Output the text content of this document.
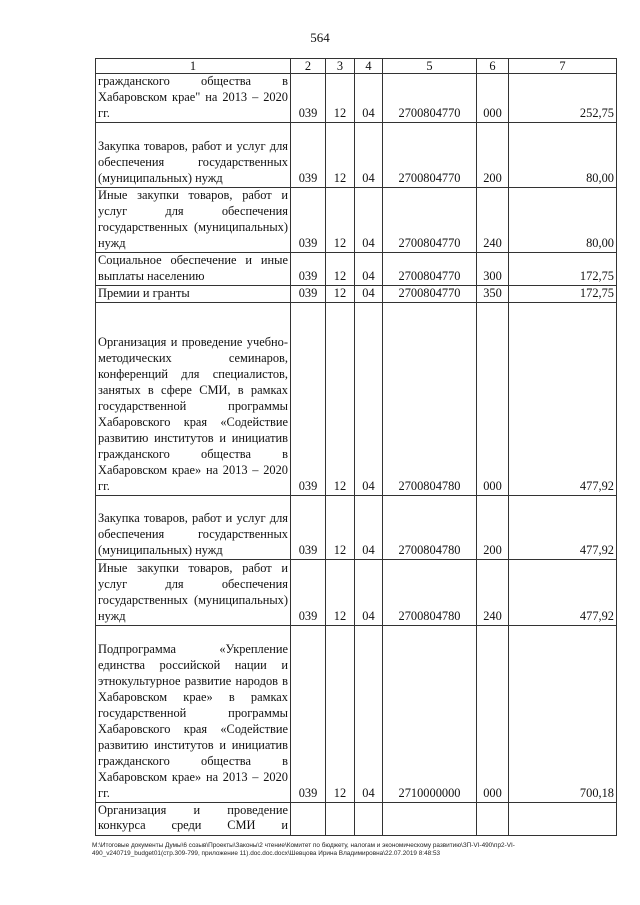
564
1	2	3	4	5	6	7
гражданского общества в Хабаровском крае" на 2013 – 2020 гг.	039	12	04	2700804770	000	252,75
Закупка товаров, работ и услуг для обеспечения государственных (муниципальных) нужд	039	12	04	2700804770	200	80,00
Иные закупки товаров, работ и услуг для обеспечения государственных (муниципальных) нужд	039	12	04	2700804770	240	80,00
Социальное обеспечение и иные выплаты населению	039	12	04	2700804770	300	172,75
Премии и гранты	039	12	04	2700804770	350	172,75
Организация и проведение учебно-методических семинаров, конференций для специалистов, занятых в сфере СМИ, в рамках государственной программы Хабаровского края «Содействие развитию институтов и инициатив гражданского общества в Хабаровском крае» на 2013 – 2020 гг.	039	12	04	2700804780	000	477,92
Закупка товаров, работ и услуг для обеспечения государственных (муниципальных) нужд	039	12	04	2700804780	200	477,92
Иные закупки товаров, работ и услуг для обеспечения государственных (муниципальных) нужд	039	12	04	2700804780	240	477,92
Подпрограмма «Укрепление единства российской нации и этнокультурное развитие народов в Хабаровском крае» в рамках государственной программы Хабаровского края «Содействие развитию институтов и инициатив гражданского общества в Хабаровском крае» на 2013 – 2020 гг.	039	12	04	2710000000	000	700,18
Организация и проведение конкурса среди СМИ и						
M:\Итоговые документы Думы\6 созыв\Проекты\Законы\2 чтение\Комитет по бюджету, налогам и экономическому развитию\ЗП-VI-490\пр2-VI-
490_v240719_budget01(стр.309-799, приложение 11).doc.doc.docx\Шевцова Ирина Владимировна\22.07.2019 8:48:53
